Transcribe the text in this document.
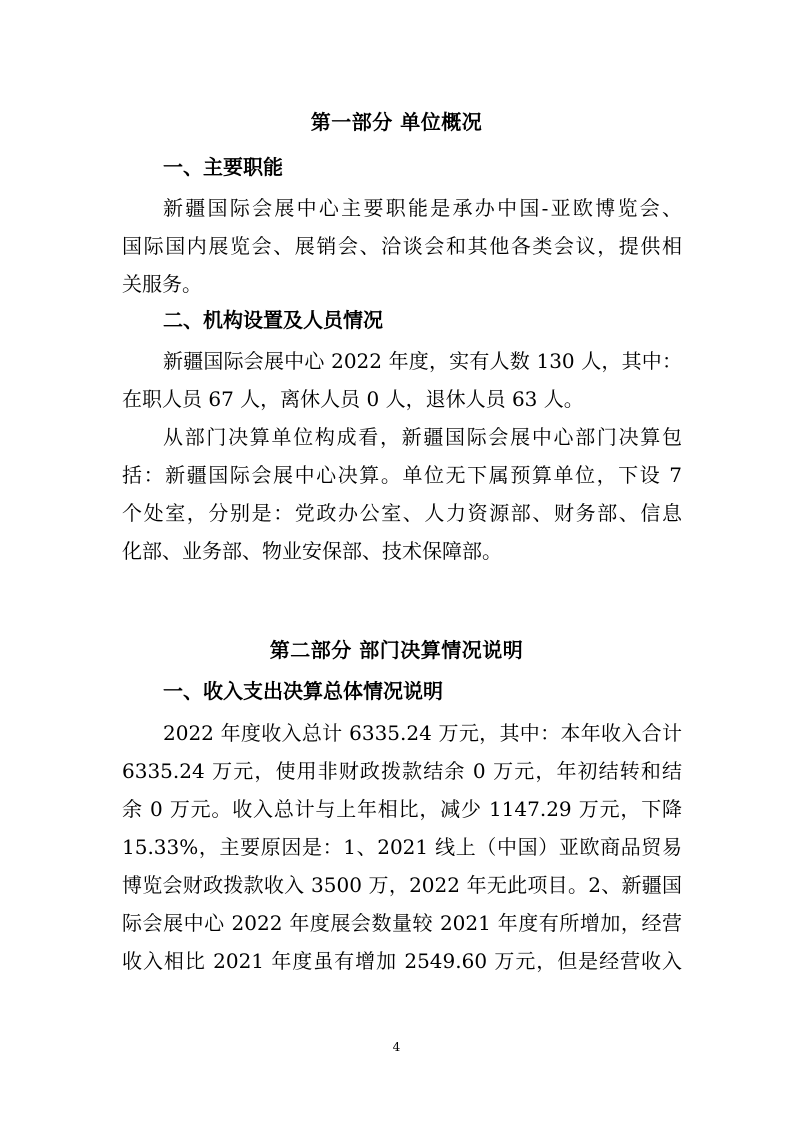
第一部分 单位概况
一、主要职能
新疆国际会展中心主要职能是承办中国-亚欧博览会、
国际国内展览会、展销会、洽谈会和其他各类会议，提供相
关服务。
二、机构设置及人员情况
新疆国际会展中心 2022 年度，实有人数 130 人，其中：
在职人员 67 人，离休人员 0 人，退休人员 63 人。
从部门决算单位构成看，新疆国际会展中心部门决算包
括：新疆国际会展中心决算。单位无下属预算单位，下设 7
个处室，分别是：党政办公室、人力资源部、财务部、信息
化部、业务部、物业安保部、技术保障部。
第二部分 部门决算情况说明
一、收入支出决算总体情况说明
2022 年度收入总计 6335.24 万元，其中：本年收入合计
6335.24 万元，使用非财政拨款结余 0 万元，年初结转和结
余 0 万元。收入总计与上年相比，减少 1147.29 万元，下降
15.33%，主要原因是：1、2021 线上（中国）亚欧商品贸易
博览会财政拨款收入 3500 万，2022 年无此项目。2、新疆国
际会展中心 2022 年度展会数量较 2021 年度有所增加，经营
收入相比 2021 年度虽有增加 2549.60 万元，但是经营收入
4
